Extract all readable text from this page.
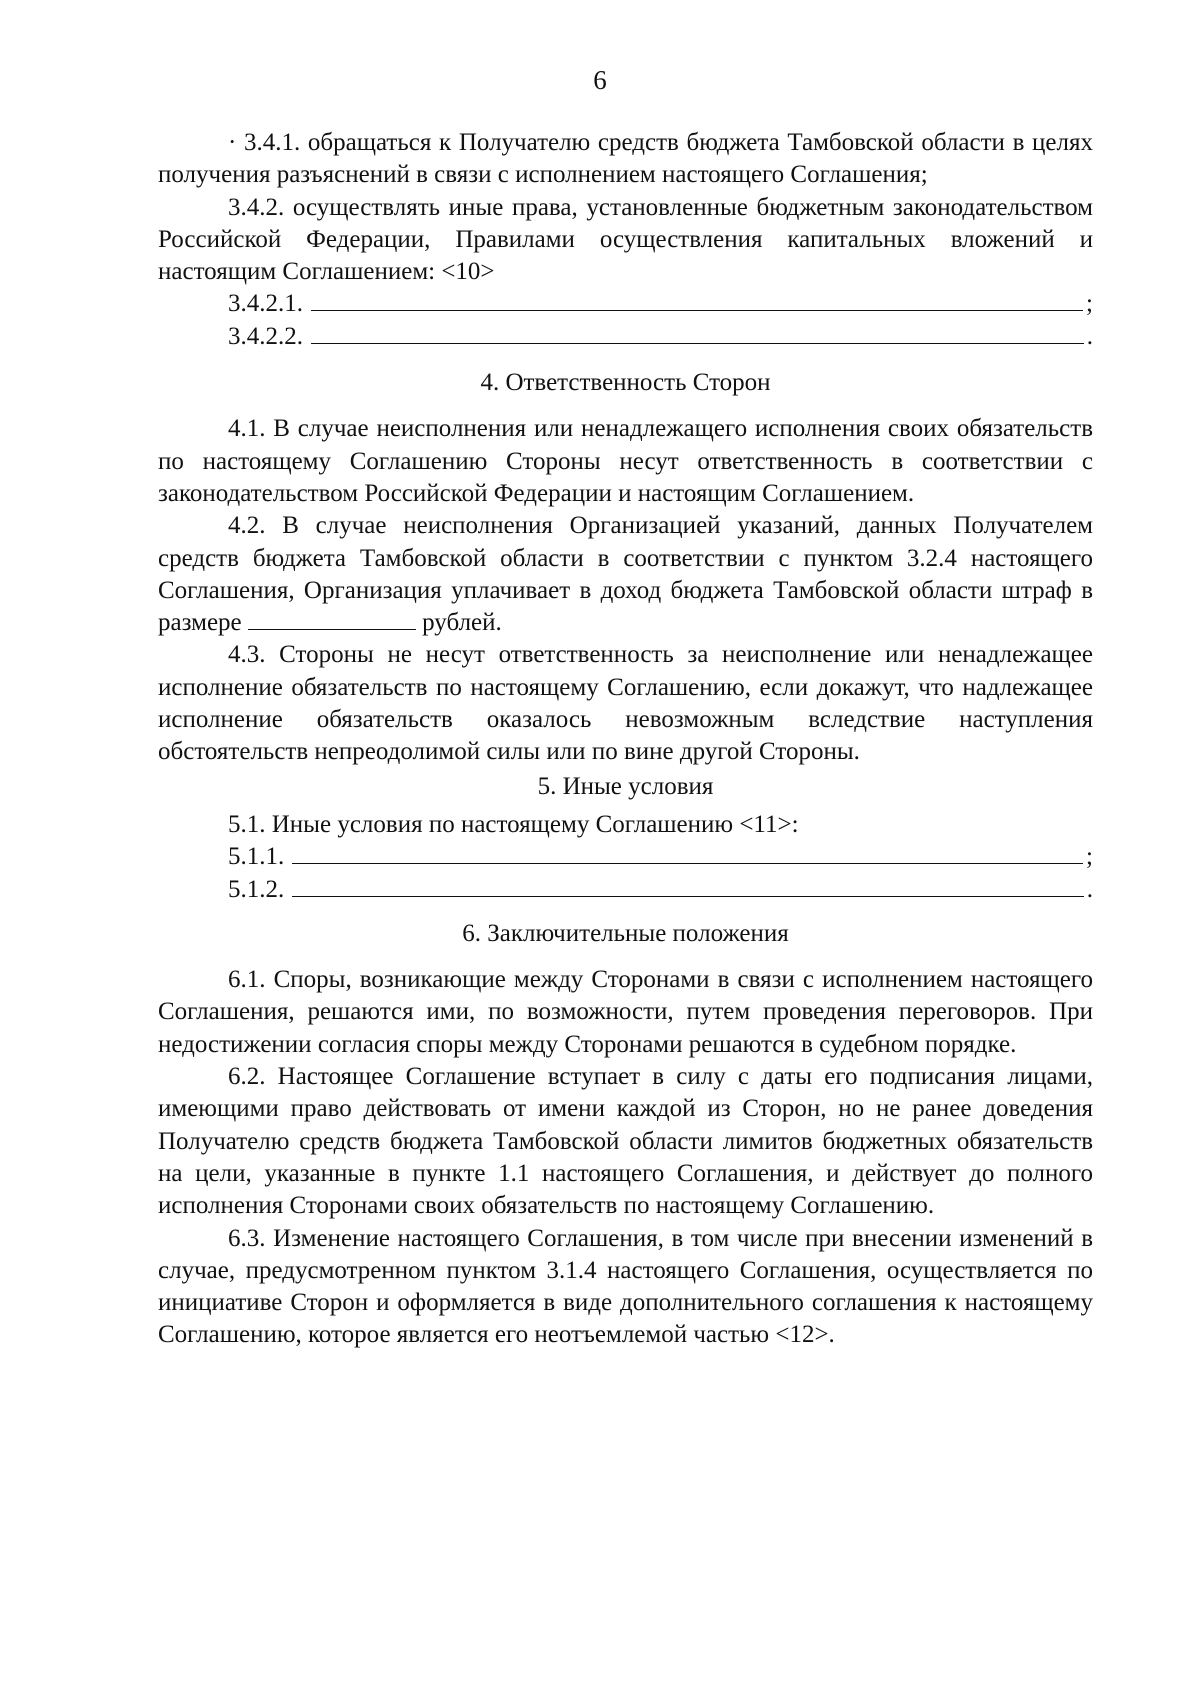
6

· 3.4.1. обращаться к Получателю средств бюджета Тамбовской области в целях получения разъяснений в связи с исполнением настоящего Соглашения;

3.4.2. осуществлять иные права, установленные бюджетным законодательством Российской Федерации, Правилами осуществления капитальных вложений и настоящим Соглашением: <10>

3.4.2.1.	;
3.4.2.2.	.

4. Ответственность Сторон

4.1. В случае неисполнения или ненадлежащего исполнения своих обязательств по настоящему Соглашению Стороны несут ответственность в соответствии с законодательством Российской Федерации и настоящим Соглашением.

4.2. В случае неисполнения Организацией указаний, данных Получателем средств бюджета Тамбовской области в соответствии с пунктом 3.2.4 настоящего Соглашения, Организация уплачивает в доход бюджета Тамбовской области штраф в размере	рублей.

4.3. Стороны не несут ответственность за неисполнение или ненадлежащее исполнение обязательств по настоящему Соглашению, если докажут, что надлежащее исполнение обязательств оказалось невозможным вследствие наступления обстоятельств непреодолимой силы или по вине другой Стороны.

5. Иные условия

5.1. Иные условия по настоящему Соглашению <11>:

5.1.1.	;
5.1.2.	.

6. Заключительные положения

6.1. Споры, возникающие между Сторонами в связи с исполнением настоящего Соглашения, решаются ими, по возможности, путем проведения переговоров. При недостижении согласия споры между Сторонами решаются в судебном порядке.

6.2. Настоящее Соглашение вступает в силу с даты его подписания лицами, имеющими право действовать от имени каждой из Сторон, но не ранее доведения Получателю средств бюджета Тамбовской области лимитов бюджетных обязательств на цели, указанные в пункте 1.1 настоящего Соглашения, и действует до полного исполнения Сторонами своих обязательств по настоящему Соглашению.

6.3. Изменение настоящего Соглашения, в том числе при внесении изменений в случае, предусмотренном пунктом 3.1.4 настоящего Соглашения, осуществляется по инициативе Сторон и оформляется в виде дополнительного соглашения к настоящему Соглашению, которое является его неотъемлемой частью <12>.
